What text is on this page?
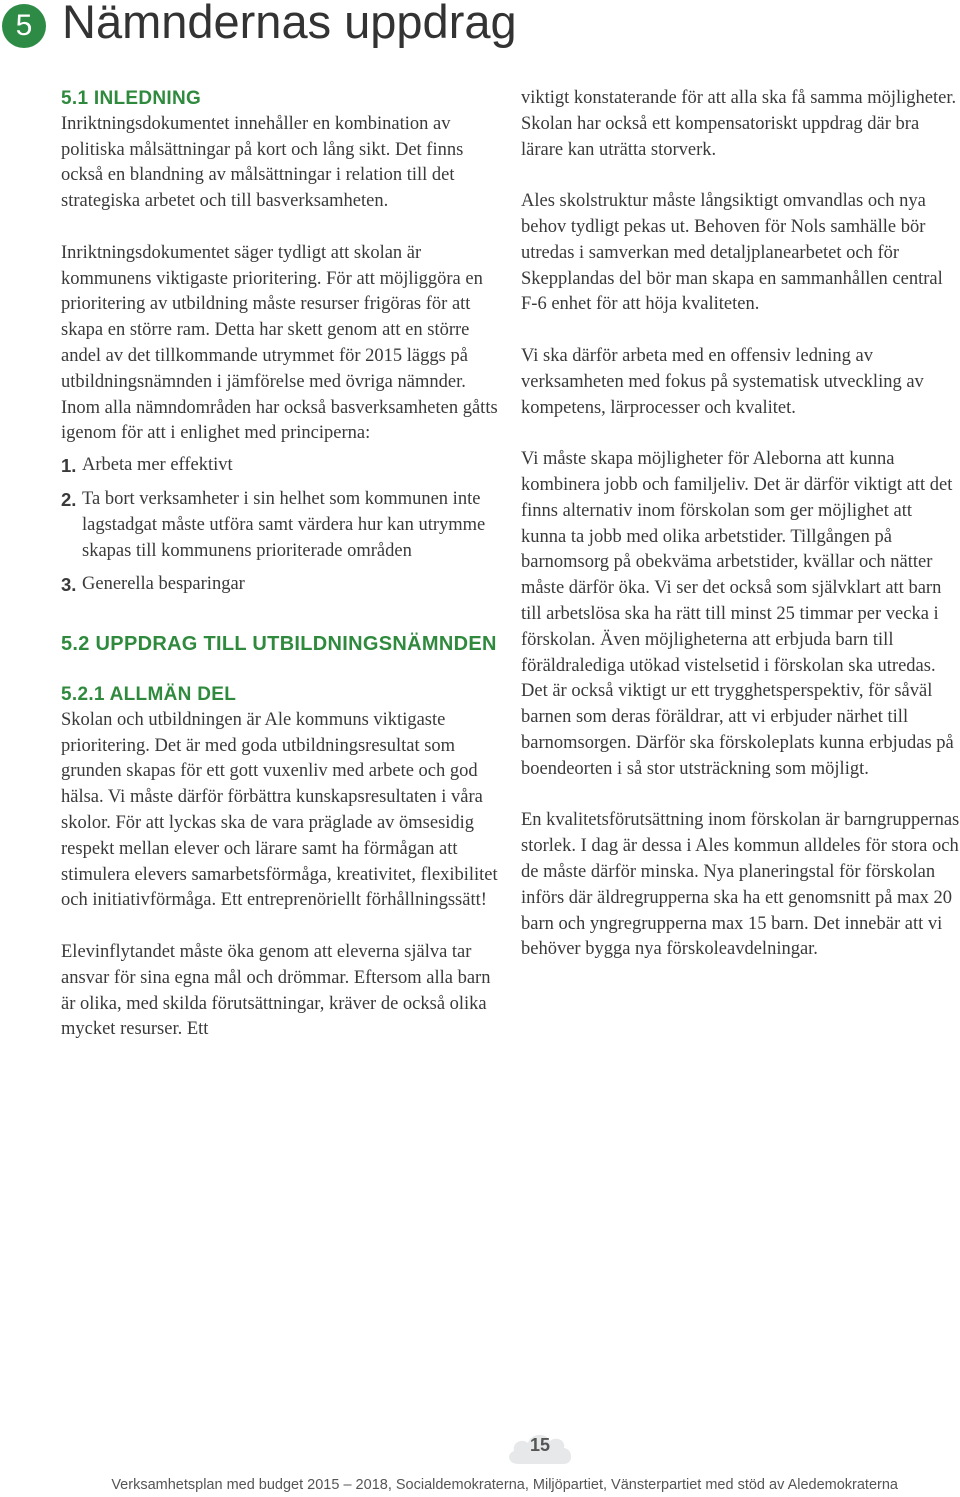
5 Nämndernas uppdrag
5.1 INLEDNING

Inriktningsdokumentet innehåller en kombination av politiska målsättningar på kort och lång sikt. Det finns också en blandning av målsättningar i relation till det strategiska arbetet och till basverksamheten.

Inriktningsdokumentet säger tydligt att skolan är kommunens viktigaste prioritering. För att möjliggöra en prioritering av utbildning måste resurser frigöras för att skapa en större ram. Detta har skett genom att en större andel av det tillkommande utrymmet för 2015 läggs på utbildningsnämnden i jämförelse med övriga nämnder. Inom alla nämndområden har också basverksamheten gåtts igenom för att i enlighet med principerna:

1. Arbeta mer effektivt
2. Ta bort verksamheter i sin helhet som kommunen inte lagstadgat måste utföra samt värdera hur kan utrymme skapas till kommunens prioriterade områden
3. Generella besparingar
5.2 UPPDRAG TILL UTBILDNINGSNÄMNDEN
5.2.1 ALLMÄN DEL

Skolan och utbildningen är Ale kommuns viktigaste prioritering. Det är med goda utbildningsresultat som grunden skapas för ett gott vuxenliv med arbete och god hälsa. Vi måste därför förbättra kunskapsresultaten i våra skolor. För att lyckas ska de vara präglade av ömsesidig respekt mellan elever och lärare samt ha förmågan att stimulera elevers samarbetsförmåga, kreativitet, flexibilitet och initiativförmåga. Ett entreprenöriellt förhållningssätt!

Elevinflytandet måste öka genom att eleverna själva tar ansvar för sina egna mål och drömmar. Eftersom alla barn är olika, med skilda förutsättningar, kräver de också olika mycket resurser. Ett

viktigt konstaterande för att alla ska få samma möjligheter. Skolan har också ett kompensatoriskt uppdrag där bra lärare kan uträtta storverk.

Ales skolstruktur måste långsiktigt omvandlas och nya behov tydligt pekas ut. Behoven för Nols samhälle bör utredas i samverkan med detaljplanearbetet och för Skepplandas del bör man skapa en sammanhållen central F-6 enhet för att höja kvaliteten.

Vi ska därför arbeta med en offensiv ledning av verksamheten med fokus på systematisk utveckling av kompetens, lärprocesser och kvalitet.

Vi måste skapa möjligheter för Aleborna att kunna kombinera jobb och familjeliv. Det är därför viktigt att det finns alternativ inom förskolan som ger möjlighet att kunna ta jobb med olika arbetstider. Tillgången på barnomsorg på obekväma arbetstider, kvällar och nätter måste därför öka. Vi ser det också som självklart att barn till arbetslösa ska ha rätt till minst 25 timmar per vecka i förskolan. Även möjligheterna att erbjuda barn till föräldralediga utökad vistelsetid i förskolan ska utredas. Det är också viktigt ur ett trygghetsperspektiv, för såväl barnen som deras föräldrar, att vi erbjuder närhet till barnomsorgen. Därför ska förskoleplats kunna erbjudas på boendeorten i så stor utsträckning som möjligt.

En kvalitetsförutsättning inom förskolan är barngruppernas storlek. I dag är dessa i Ales kommun alldeles för stora och de måste därför minska. Nya planeringstal för förskolan införs där äldregrupperna ska ha ett genomsnitt på max 20 barn och yngregrupperna max 15 barn. Det innebär att vi behöver bygga nya förskoleavdelningar.

15
Verksamhetsplan med budget 2015 – 2018, Socialdemokraterna, Miljöpartiet, Vänsterpartiet med stöd av Aledemokraterna
